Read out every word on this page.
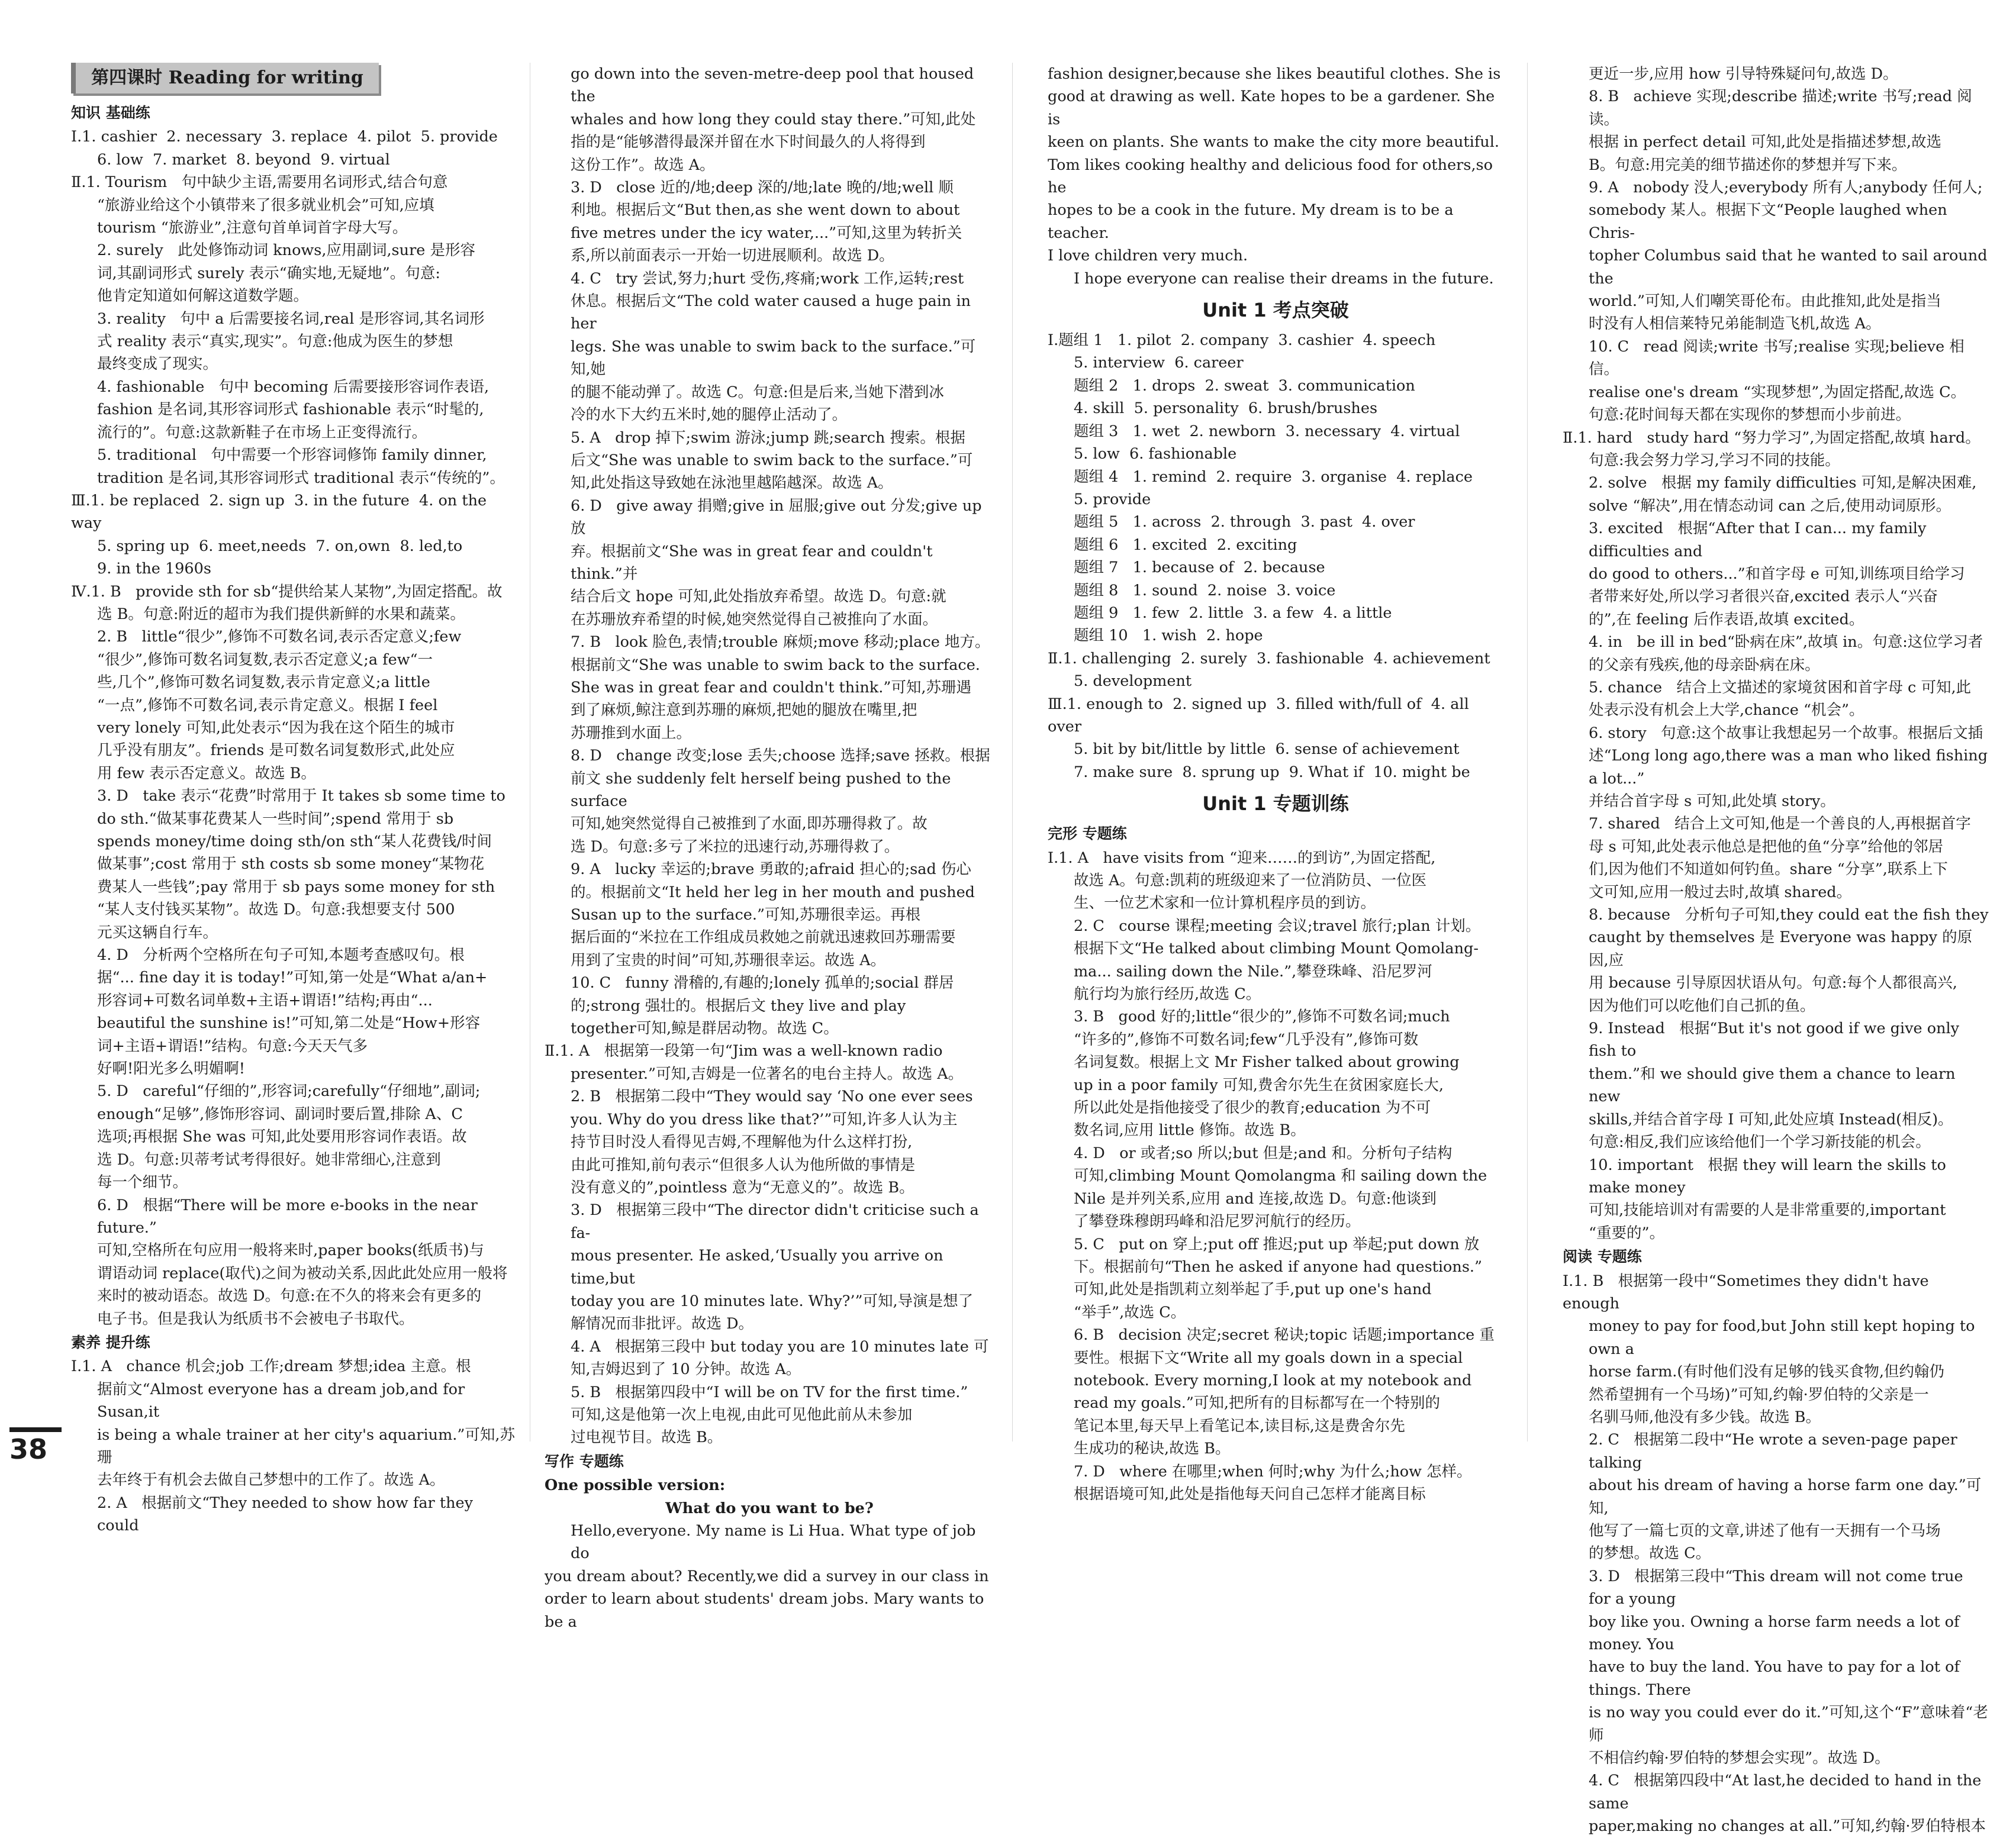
第四课时 Reading for writing
知识 基础练
Ⅰ.1. cashier  2. necessary  3. replace  4. pilot  5. provide
6. low  7. market  8. beyond  9. virtual
Ⅱ.1. Tourism   句中缺少主语,需要用名词形式,结合句意
“旅游业给这个小镇带来了很多就业机会”可知,应填
tourism “旅游业”,注意句首单词首字母大写。
2. surely   此处修饰动词 knows,应用副词,sure 是形容
词,其副词形式 surely 表示“确实地,无疑地”。句意:
他肯定知道如何解这道数学题。
3. reality   句中 a 后需要接名词,real 是形容词,其名词形
式 reality 表示“真实,现实”。句意:他成为医生的梦想
最终变成了现实。
4. fashionable   句中 becoming 后需要接形容词作表语,
fashion 是名词,其形容词形式 fashionable 表示“时髦的,
流行的”。句意:这款新鞋子在市场上正变得流行。
5. traditional   句中需要一个形容词修饰 family dinner,
tradition 是名词,其形容词形式 traditional 表示“传统的”。
Ⅲ.1. be replaced  2. sign up  3. in the future  4. on the way
5. spring up  6. meet,needs  7. on,own  8. led,to
9. in the 1960s
Ⅳ.1. B   provide sth for sb“提供给某人某物”,为固定搭配。故
选 B。句意:附近的超市为我们提供新鲜的水果和蔬菜。
2. B   little“很少”,修饰不可数名词,表示否定意义;few
“很少”,修饰可数名词复数,表示否定意义;a few“一
些,几个”,修饰可数名词复数,表示肯定意义;a little
“一点”,修饰不可数名词,表示肯定意义。根据 I feel
very lonely 可知,此处表示“因为我在这个陌生的城市
几乎没有朋友”。friends 是可数名词复数形式,此处应
用 few 表示否定意义。故选 B。
3. D   take 表示“花费”时常用于 It takes sb some time to
do sth.“做某事花费某人一些时间”;spend 常用于 sb
spends money/time doing sth/on sth“某人花费钱/时间
做某事”;cost 常用于 sth costs sb some money“某物花
费某人一些钱”;pay 常用于 sb pays some money for sth
“某人支付钱买某物”。故选 D。句意:我想要支付 500
元买这辆自行车。
4. D   分析两个空格所在句子可知,本题考查感叹句。根
据“... fine day it is today!”可知,第一处是“What a/an+
形容词+可数名词单数+主语+谓语!”结构;再由“...
beautiful the sunshine is!”可知,第二处是“How+形容
词+主语+谓语!”结构。句意:今天天气多
好啊!阳光多么明媚啊!
5. D   careful“仔细的”,形容词;carefully“仔细地”,副词;
enough“足够”,修饰形容词、副词时要后置,排除 A、C
选项;再根据 She was 可知,此处要用形容词作表语。故
选 D。句意:贝蒂考试考得很好。她非常细心,注意到
每一个细节。
6. D   根据“There will be more e-books in the near future.”
可知,空格所在句应用一般将来时,paper books(纸质书)与
谓语动词 replace(取代)之间为被动关系,因此此处应用一般将
来时的被动语态。故选 D。句意:在不久的将来会有更多的
电子书。但是我认为纸质书不会被电子书取代。
素养 提升练
Ⅰ.1. A   chance 机会;job 工作;dream 梦想;idea 主意。根
据前文“Almost everyone has a dream job,and for Susan,it
is being a whale trainer at her city's aquarium.”可知,苏珊
去年终于有机会去做自己梦想中的工作了。故选 A。
2. A   根据前文“They needed to show how far they could
go down into the seven-metre-deep pool that housed the
whales and how long they could stay there.”可知,此处
指的是“能够潜得最深并留在水下时间最久的人将得到
这份工作”。故选 A。
3. D   close 近的/地;deep 深的/地;late 晚的/地;well 顺
利地。根据后文“But then,as she went down to about
five metres under the icy water,...”可知,这里为转折关
系,所以前面表示一开始一切进展顺利。故选 D。
4. C   try 尝试,努力;hurt 受伤,疼痛;work 工作,运转;rest
休息。根据后文“The cold water caused a huge pain in her
legs. She was unable to swim back to the surface.”可知,她
的腿不能动弹了。故选 C。句意:但是后来,当她下潜到冰
冷的水下大约五米时,她的腿停止活动了。
5. A   drop 掉下;swim 游泳;jump 跳;search 搜索。根据
后文“She was unable to swim back to the surface.”可
知,此处指这导致她在泳池里越陷越深。故选 A。
6. D   give away 捐赠;give in 屈服;give out 分发;give up 放
弃。根据前文“She was in great fear and couldn't think.”并
结合后文 hope 可知,此处指放弃希望。故选 D。句意:就
在苏珊放弃希望的时候,她突然觉得自己被推向了水面。
7. B   look 脸色,表情;trouble 麻烦;move 移动;place 地方。
根据前文“She was unable to swim back to the surface.
She was in great fear and couldn't think.”可知,苏珊遇
到了麻烦,鲸注意到苏珊的麻烦,把她的腿放在嘴里,把
苏珊推到水面上。
8. D   change 改变;lose 丢失;choose 选择;save 拯救。根据
前文 she suddenly felt herself being pushed to the surface
可知,她突然觉得自己被推到了水面,即苏珊得救了。故
选 D。句意:多亏了米拉的迅速行动,苏珊得救了。
9. A   lucky 幸运的;brave 勇敢的;afraid 担心的;sad 伤心
的。根据前文“It held her leg in her mouth and pushed
Susan up to the surface.”可知,苏珊很幸运。再根
据后面的“米拉在工作组成员救她之前就迅速救回苏珊需要
用到了宝贵的时间”可知,苏珊很幸运。故选 A。
10. C   funny 滑稽的,有趣的;lonely 孤单的;social 群居
的;strong 强壮的。根据后文 they live and play
together可知,鲸是群居动物。故选 C。
Ⅱ.1. A   根据第一段第一句“Jim was a well-known radio
presenter.”可知,吉姆是一位著名的电台主持人。故选 A。
2. B   根据第二段中“They would say ‘No one ever sees
you. Why do you dress like that?’”可知,许多人认为主
持节目时没人看得见吉姆,不理解他为什么这样打扮,
由此可推知,前句表示“但很多人认为他所做的事情是
没有意义的”,pointless 意为“无意义的”。故选 B。
3. D   根据第三段中“The director didn't criticise such a fa-
mous presenter. He asked,‘Usually you arrive on time,but
today you are 10 minutes late. Why?’”可知,导演是想了
解情况而非批评。故选 D。
4. A   根据第三段中 but today you are 10 minutes late 可
知,吉姆迟到了 10 分钟。故选 A。
5. B   根据第四段中“I will be on TV for the first time.”
可知,这是他第一次上电视,由此可见他此前从未参加
过电视节目。故选 B。
写作 专题练
One possible version:
What do you want to be?
Hello,everyone. My name is Li Hua. What type of job do
you dream about? Recently,we did a survey in our class in
order to learn about students' dream jobs. Mary wants to be a
fashion designer,because she likes beautiful clothes. She is
good at drawing as well. Kate hopes to be a gardener. She is
keen on plants. She wants to make the city more beautiful.
Tom likes cooking healthy and delicious food for others,so he
hopes to be a cook in the future. My dream is to be a teacher.
I love children very much.
I hope everyone can realise their dreams in the future.
Unit 1 考点突破
Ⅰ.题组 1   1. pilot  2. company  3. cashier  4. speech
5. interview  6. career
题组 2   1. drops  2. sweat  3. communication
4. skill  5. personality  6. brush/brushes
题组 3   1. wet  2. newborn  3. necessary  4. virtual
5. low  6. fashionable
题组 4   1. remind  2. require  3. organise  4. replace
5. provide
题组 5   1. across  2. through  3. past  4. over
题组 6   1. excited  2. exciting
题组 7   1. because of  2. because
题组 8   1. sound  2. noise  3. voice
题组 9   1. few  2. little  3. a few  4. a little
题组 10   1. wish  2. hope
Ⅱ.1. challenging  2. surely  3. fashionable  4. achievement
5. development
Ⅲ.1. enough to  2. signed up  3. filled with/full of  4. all over
5. bit by bit/little by little  6. sense of achievement
7. make sure  8. sprung up  9. What if  10. might be
Unit 1 专题训练
完形 专题练
Ⅰ.1. A   have visits from “迎来……的到访”,为固定搭配,
故选 A。句意:凯莉的班级迎来了一位消防员、一位医
生、一位艺术家和一位计算机程序员的到访。
2. C   course 课程;meeting 会议;travel 旅行;plan 计划。
根据下文“He talked about climbing Mount Qomolang-
ma... sailing down the Nile.”,攀登珠峰、沿尼罗河
航行均为旅行经历,故选 C。
3. B   good 好的;little“很少的”,修饰不可数名词;much
“许多的”,修饰不可数名词;few“几乎没有”,修饰可数
名词复数。根据上文 Mr Fisher talked about growing
up in a poor family 可知,费舍尔先生在贫困家庭长大,
所以此处是指他接受了很少的教育;education 为不可
数名词,应用 little 修饰。故选 B。
4. D   or 或者;so 所以;but 但是;and 和。分析句子结构
可知,climbing Mount Qomolangma 和 sailing down the
Nile 是并列关系,应用 and 连接,故选 D。句意:他谈到
了攀登珠穆朗玛峰和沿尼罗河航行的经历。
5. C   put on 穿上;put off 推迟;put up 举起;put down 放
下。根据前句“Then he asked if anyone had questions.”
可知,此处是指凯莉立刻举起了手,put up one's hand
“举手”,故选 C。
6. B   decision 决定;secret 秘诀;topic 话题;importance 重
要性。根据下文“Write all my goals down in a special
notebook. Every morning,I look at my notebook and
read my goals.”可知,把所有的目标都写在一个特别的
笔记本里,每天早上看笔记本,读目标,这是费舍尔先
生成功的秘诀,故选 B。
7. D   where 在哪里;when 何时;why 为什么;how 怎样。
根据语境可知,此处是指他每天问自己怎样才能离目标
更近一步,应用 how 引导特殊疑问句,故选 D。
8. B   achieve 实现;describe 描述;write 书写;read 阅读。
根据 in perfect detail 可知,此处是指描述梦想,故选
B。句意:用完美的细节描述你的梦想并写下来。
9. A   nobody 没人;everybody 所有人;anybody 任何人;
somebody 某人。根据下文“People laughed when Chris-
topher Columbus said that he wanted to sail around the
world.”可知,人们嘲笑哥伦布。由此推知,此处是指当
时没有人相信莱特兄弟能制造飞机,故选 A。
10. C   read 阅读;write 书写;realise 实现;believe 相信。
realise one's dream “实现梦想”,为固定搭配,故选 C。
句意:花时间每天都在实现你的梦想而小步前进。
Ⅱ.1. hard   study hard “努力学习”,为固定搭配,故填 hard。
句意:我会努力学习,学习不同的技能。
2. solve   根据 my family difficulties 可知,是解决困难,
solve “解决”,用在情态动词 can 之后,使用动词原形。
3. excited   根据“After that I can... my family difficulties and
do good to others...”和首字母 e 可知,训练项目给学习
者带来好处,所以学习者很兴奋,excited 表示人“兴奋
的”,在 feeling 后作表语,故填 excited。
4. in   be ill in bed“卧病在床”,故填 in。句意:这位学习者
的父亲有残疾,他的母亲卧病在床。
5. chance   结合上文描述的家境贫困和首字母 c 可知,此
处表示没有机会上大学,chance “机会”。
6. story   句意:这个故事让我想起另一个故事。根据后文插
述“Long long ago,there was a man who liked fishing a lot...”
并结合首字母 s 可知,此处填 story。
7. shared   结合上文可知,他是一个善良的人,再根据首字
母 s 可知,此处表示他总是把他的鱼“分享”给他的邻居
们,因为他们不知道如何钓鱼。share “分享”,联系上下
文可知,应用一般过去时,故填 shared。
8. because   分析句子可知,they could eat the fish they
caught by themselves 是 Everyone was happy 的原因,应
用 because 引导原因状语从句。句意:每个人都很高兴,
因为他们可以吃他们自己抓的鱼。
9. Instead   根据“But it's not good if we give only fish to
them.”和 we should give them a chance to learn new
skills,并结合首字母 I 可知,此处应填 Instead(相反)。
句意:相反,我们应该给他们一个学习新技能的机会。
10. important   根据 they will learn the skills to make money
可知,技能培训对有需要的人是非常重要的,important
“重要的”。
阅读 专题练
Ⅰ.1. B   根据第一段中“Sometimes they didn't have enough
money to pay for food,but John still kept hoping to own a
horse farm.(有时他们没有足够的钱买食物,但约翰仍
然希望拥有一个马场)”可知,约翰·罗伯特的父亲是一
名驯马师,他没有多少钱。故选 B。
2. C   根据第二段中“He wrote a seven-page paper talking
about his dream of having a horse farm one day.”可知,
他写了一篇七页的文章,讲述了他有一天拥有一个马场
的梦想。故选 C。
3. D   根据第三段中“This dream will not come true for a young
boy like you. Owning a horse farm needs a lot of money. You
have to buy the land. You have to pay for a lot of things. There
is no way you could ever do it.”可知,这个“F”意味着“老师
不相信约翰·罗伯特的梦想会实现”。故选 D。
4. C   根据第四段中“At last,he decided to hand in the same
paper,making no changes at all.”可知,约翰·罗伯特根本
38
